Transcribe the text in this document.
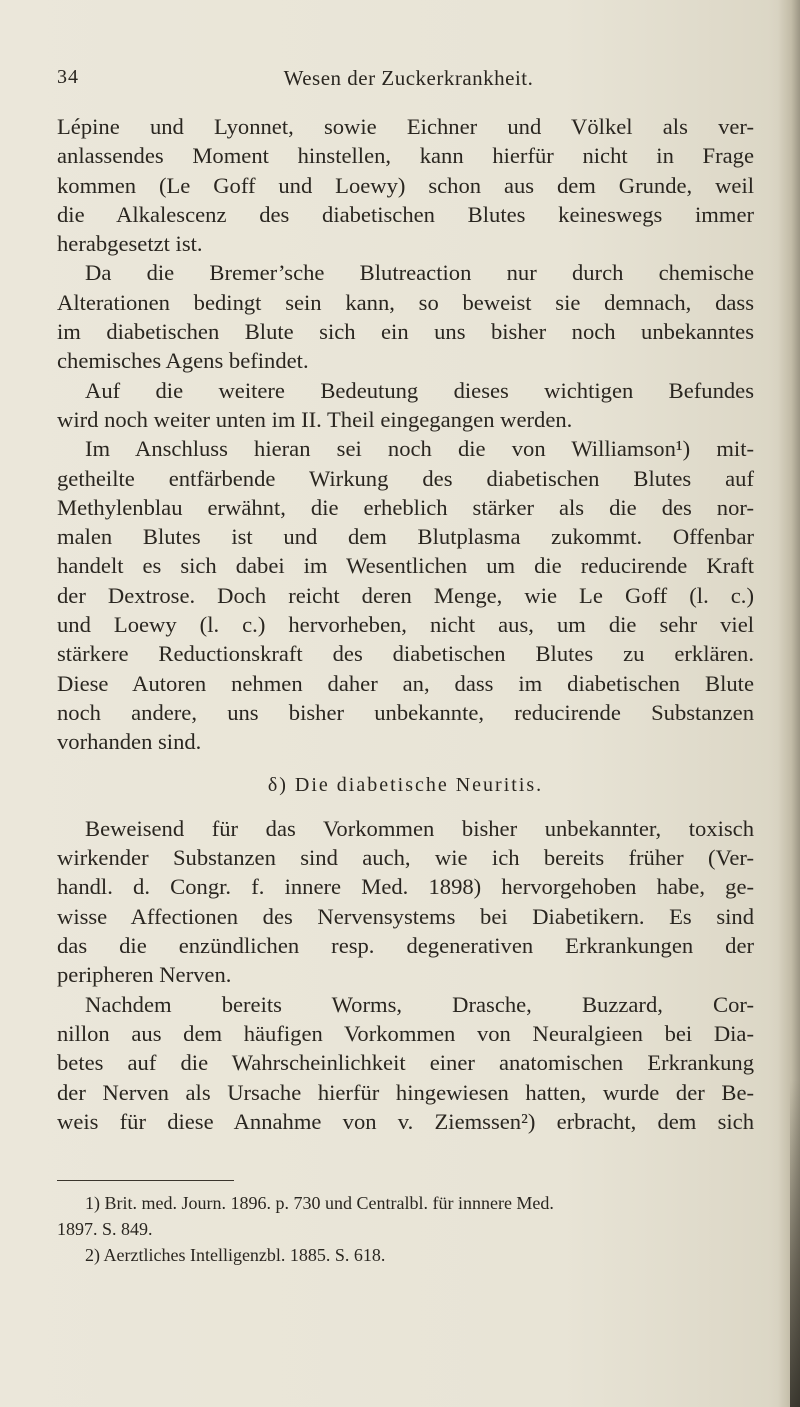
34	Wesen der Zuckerkrankheit.
Lépine und Lyonnet, sowie Eichner und Völkel als ver-
anlassendes Moment hinstellen, kann hierfür nicht in Frage
kommen (Le Goff und Loewy) schon aus dem Grunde, weil
die Alkalescenz des diabetischen Blutes keineswegs immer
herabgesetzt ist.
Da die Bremer’sche Blutreaction nur durch chemische
Alterationen bedingt sein kann, so beweist sie demnach, dass
im diabetischen Blute sich ein uns bisher noch unbekanntes
chemisches Agens befindet.
Auf die weitere Bedeutung dieses wichtigen Befundes
wird noch weiter unten im II. Theil eingegangen werden.
Im Anschluss hieran sei noch die von Williamson¹) mit-
getheilte entfärbende Wirkung des diabetischen Blutes auf
Methylenblau erwähnt, die erheblich stärker als die des nor-
malen Blutes ist und dem Blutplasma zukommt. Offenbar
handelt es sich dabei im Wesentlichen um die reducirende Kraft
der Dextrose. Doch reicht deren Menge, wie Le Goff (l. c.)
und Loewy (l. c.) hervorheben, nicht aus, um die sehr viel
stärkere Reductionskraft des diabetischen Blutes zu erklären.
Diese Autoren nehmen daher an, dass im diabetischen Blute
noch andere, uns bisher unbekannte, reducirende Substanzen
vorhanden sind.
δ) Die diabetische Neuritis.
Beweisend für das Vorkommen bisher unbekannter, toxisch
wirkender Substanzen sind auch, wie ich bereits früher (Ver-
handl. d. Congr. f. innere Med. 1898) hervorgehoben habe, ge-
wisse Affectionen des Nervensystems bei Diabetikern. Es sind
das die enzündlichen resp. degenerativen Erkrankungen der
peripheren Nerven.
Nachdem bereits Worms, Drasche, Buzzard, Cor-
nillon aus dem häufigen Vorkommen von Neuralgieen bei Dia-
betes auf die Wahrscheinlichkeit einer anatomischen Erkrankung
der Nerven als Ursache hierfür hingewiesen hatten, wurde der Be-
weis für diese Annahme von v. Ziemssen²) erbracht, dem sich
1) Brit. med. Journ. 1896. p. 730 und Centralbl. für innnere Med.
1897. S. 849.
2) Aerztliches Intelligenzbl. 1885. S. 618.
